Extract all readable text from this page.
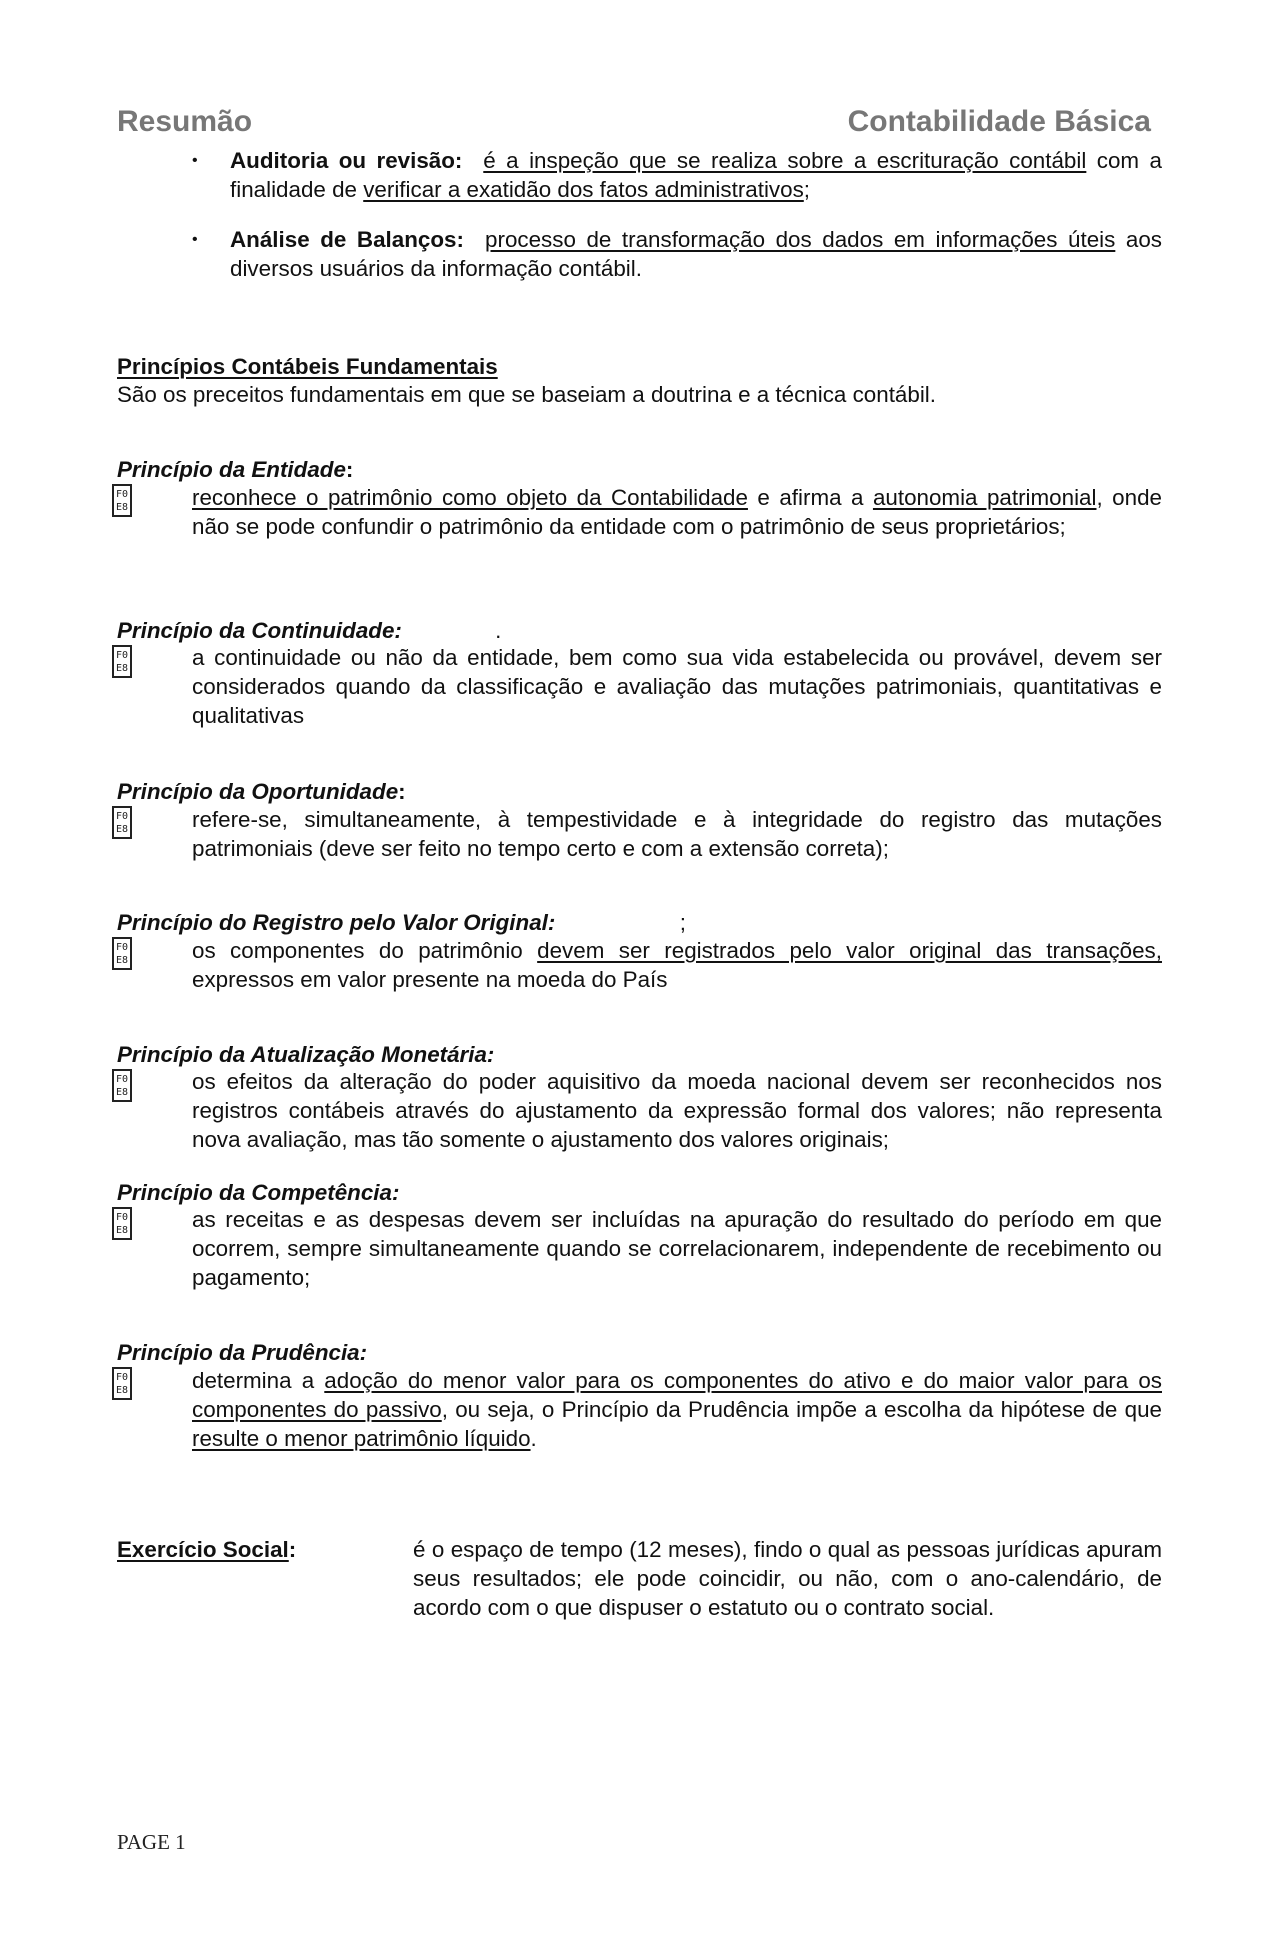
Resumão	Contabilidade Básica
• Auditoria ou revisão: é a inspeção que se realiza sobre a escrituração contábil com a finalidade de verificar a exatidão dos fatos administrativos;
• Análise de Balanços: processo de transformação dos dados em informações úteis aos diversos usuários da informação contábil.
Princípios Contábeis Fundamentais
São os preceitos fundamentais em que se baseiam a doutrina e a técnica contábil.
Princípio da Entidade:
F0
E8	reconhece o patrimônio como objeto da Contabilidade e afirma a autonomia patrimonial, onde não se pode confundir o patrimônio da entidade com o patrimônio de seus proprietários;
Princípio da Continuidade:               .
F0
E8	a continuidade ou não da entidade, bem como sua vida estabelecida ou provável, devem ser considerados quando da classificação e avaliação das mutações patrimoniais, quantitativas e qualitativas
Princípio da Oportunidade:
F0
E8	refere-se, simultaneamente, à tempestividade e à integridade do registro das mutações patrimoniais (deve ser feito no tempo certo e com a extensão correta);
Princípio do Registro pelo Valor Original:                    ;
F0
E8	os componentes do patrimônio devem ser registrados pelo valor original das transações, expressos em valor presente na moeda do País
Princípio da Atualização Monetária:
F0
E8	os efeitos da alteração do poder aquisitivo da moeda nacional devem ser reconhecidos nos registros contábeis através do ajustamento da expressão formal dos valores; não representa nova avaliação, mas tão somente o ajustamento dos valores originais;
Princípio da Competência:
F0
E8	as receitas e as despesas devem ser incluídas na apuração do resultado do período em que ocorrem, sempre simultaneamente quando se correlacionarem, independente de recebimento ou pagamento;
Princípio da Prudência:
F0
E8	determina a adoção do menor valor para os componentes do ativo e do maior valor para os componentes do passivo, ou seja, o Princípio da Prudência impõe a escolha da hipótese de que resulte o menor patrimônio líquido.
Exercício Social:	é o espaço de tempo (12 meses), findo o qual as pessoas jurídicas apuram seus resultados; ele pode coincidir, ou não, com o ano-calendário, de acordo com o que dispuser o estatuto ou o contrato social.
PAGE 1
